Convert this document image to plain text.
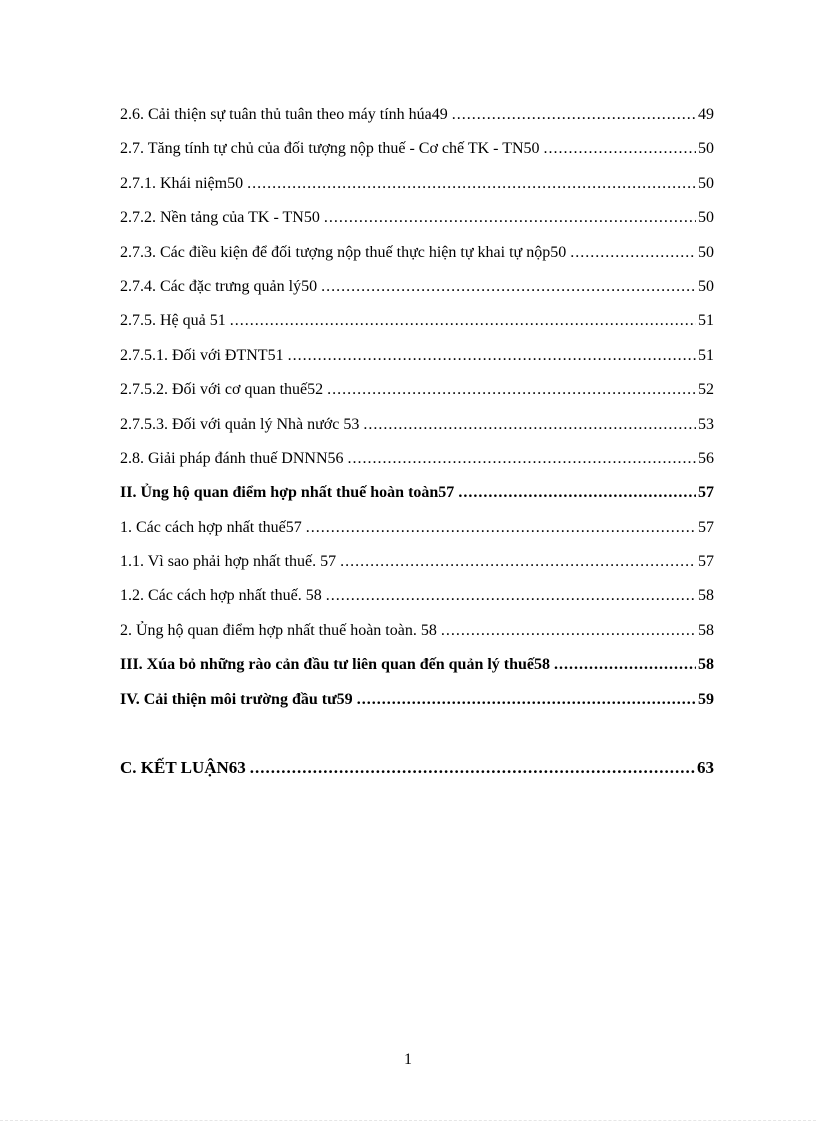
2.6. Cải thiện sự tuân thủ tuân theo máy tính húa49 .....	49
2.7. Tăng tính tự chủ của đối tượng nộp thuế - Cơ chế TK - TN50 .....	50
2.7.1. Khái niệm50 .....	50
2.7.2. Nền tảng của TK - TN50 .....	50
2.7.3. Các điều kiện để đối tượng nộp thuế thực hiện tự khai tự nộp50 .....	50
2.7.4. Các đặc trưng quản lý50 .....	50
2.7.5. Hệ quả 51 .....	51
2.7.5.1. Đối với ĐTNT51 .....	51
2.7.5.2. Đối với cơ quan thuế52 .....	52
2.7.5.3. Đối với quản lý Nhà nước 53 .....	53
2.8. Giải pháp đánh thuế DNNN56 .....	56
II. Ủng hộ quan điểm hợp nhất thuế hoàn toàn57 .....	57
1. Các cách hợp nhất thuế57 .....	57
1.1. Vì sao phải hợp nhất thuế. 57 .....	57
1.2. Các cách hợp nhất thuế. 58 .....	58
2. Ủng hộ quan điểm hợp nhất thuế hoàn toàn. 58 .....	58
III. Xúa bỏ những rào cản đầu tư liên quan đến quản lý thuế58 .....	58
IV. Cải thiện môi trường đầu tư59 .....	59
C. KẾT LUẬN63 .....	63
1
